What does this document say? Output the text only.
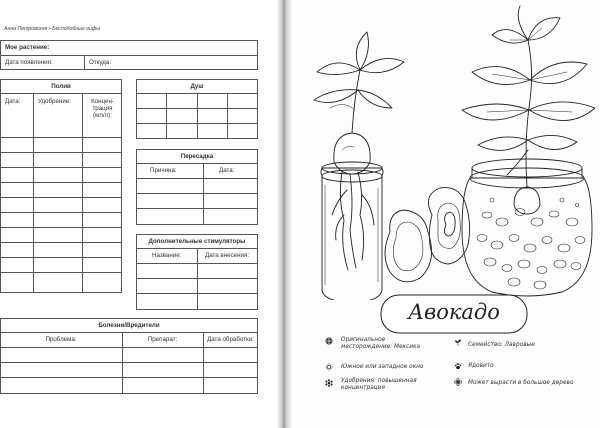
Анна Петровская • Бесподобные вифы
Мое растение:
Дата появления:	Откуда:
Полив
Дата:	Удобрение:	Концен-
трация
(мл/л):
Душ
Пересадка
Причина:	Дата:
Дополнительные стимуляторы
Название:	Дата внесения:
Болезни/Вредители
Проблема:	Препарат:	Дата обработки:
Авокадо
Оригинальное
месторождение: Мексика
Южное или западное окно
Удобрения: повышенная
концентрация
Семейство: Лавровые
Ядовито
Может вырасти в большое дерево
